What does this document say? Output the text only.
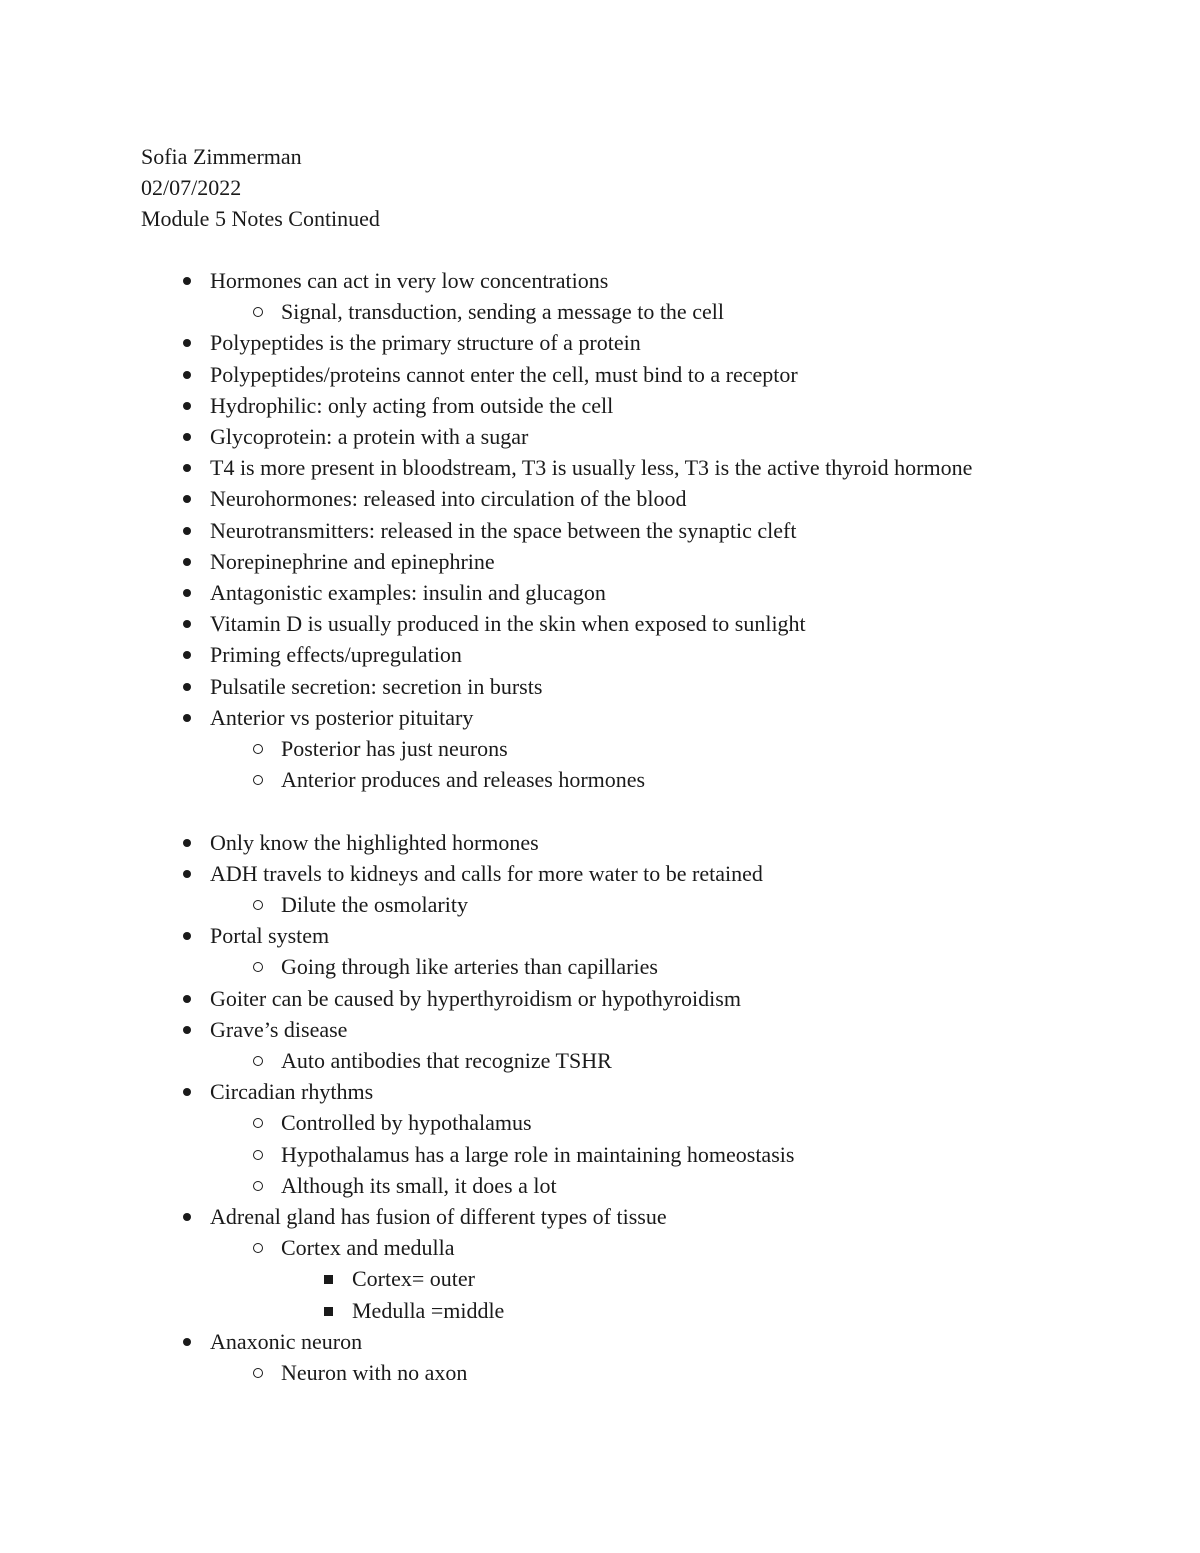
Sofia Zimmerman
02/07/2022
Module 5 Notes Continued
Hormones can act in very low concentrations
Signal, transduction, sending a message to the cell
Polypeptides is the primary structure of a protein
Polypeptides/proteins cannot enter the cell, must bind to a receptor
Hydrophilic: only acting from outside the cell
Glycoprotein: a protein with a sugar
T4 is more present in bloodstream, T3 is usually less, T3 is the active thyroid hormone
Neurohormones: released into circulation of the blood
Neurotransmitters: released in the space between the synaptic cleft
Norepinephrine and epinephrine
Antagonistic examples: insulin and glucagon
Vitamin D is usually produced in the skin when exposed to sunlight
Priming effects/upregulation
Pulsatile secretion: secretion in bursts
Anterior vs posterior pituitary
Posterior has just neurons
Anterior produces and releases hormones
Only know the highlighted hormones
ADH travels to kidneys and calls for more water to be retained
Dilute the osmolarity
Portal system
Going through like arteries than capillaries
Goiter can be caused by hyperthyroidism or hypothyroidism
Grave’s disease
Auto antibodies that recognize TSHR
Circadian rhythms
Controlled by hypothalamus
Hypothalamus has a large role in maintaining homeostasis
Although its small, it does a lot
Adrenal gland has fusion of different types of tissue
Cortex and medulla
Cortex= outer
Medulla =middle
Anaxonic neuron
Neuron with no axon
